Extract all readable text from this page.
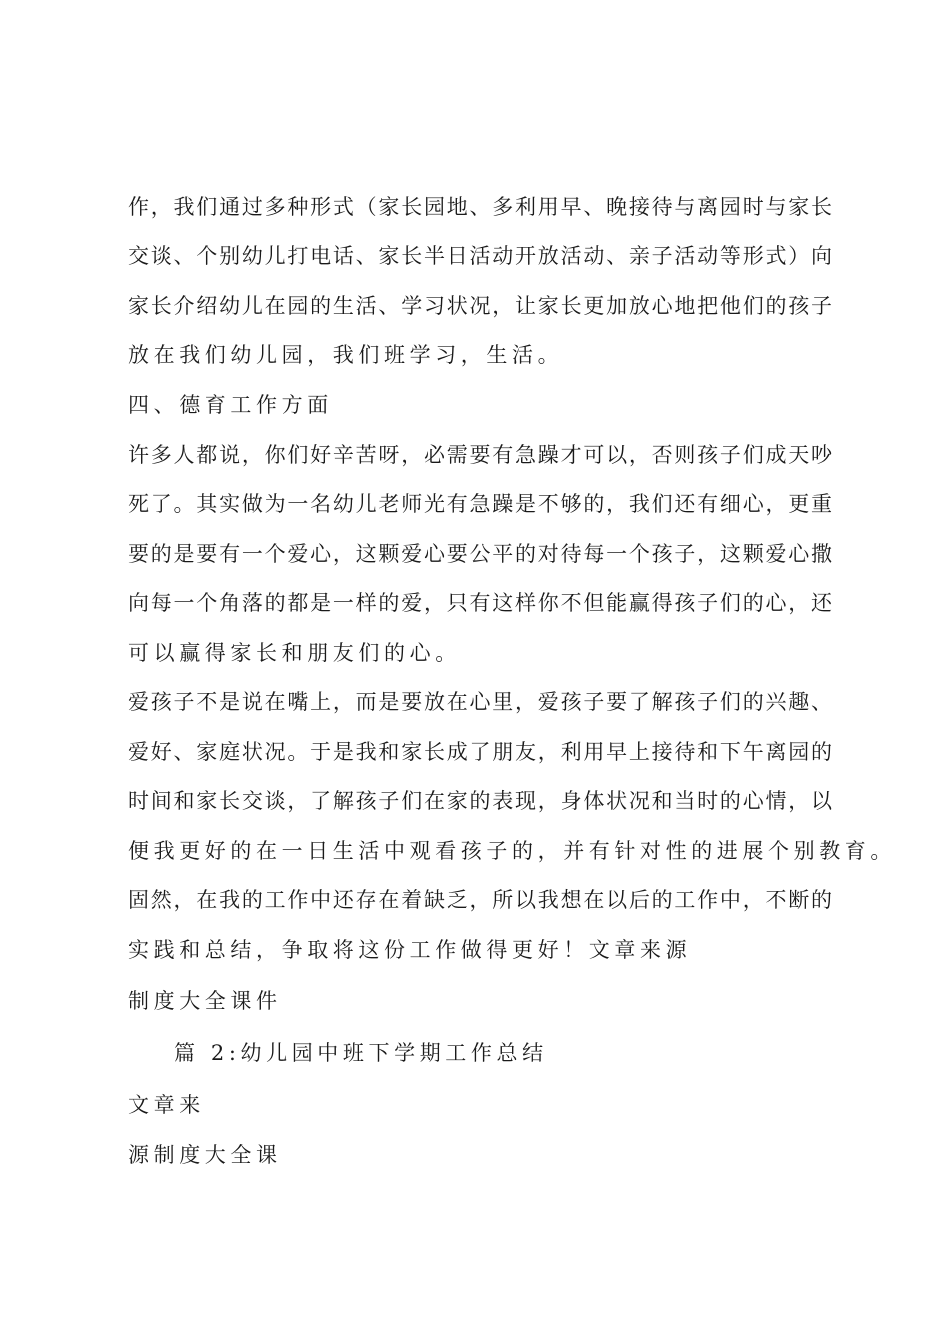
作，我们通过多种形式（家长园地、多利用早、晚接待与离园时与家长
交谈、个别幼儿打电话、家长半日活动开放活动、亲子活动等形式）向
家长介绍幼儿在园的生活、学习状况，让家长更加放心地把他们的孩子
放在我们幼儿园，我们班学习，生活。
四、德育工作方面
许多人都说，你们好辛苦呀，必需要有急躁才可以，否则孩子们成天吵
死了。其实做为一名幼儿老师光有急躁是不够的，我们还有细心，更重
要的是要有一个爱心，这颗爱心要公平的对待每一个孩子，这颗爱心撒
向每一个角落的都是一样的爱，只有这样你不但能赢得孩子们的心，还
可以赢得家长和朋友们的心。
爱孩子不是说在嘴上，而是要放在心里，爱孩子要了解孩子们的兴趣、
爱好、家庭状况。于是我和家长成了朋友，利用早上接待和下午离园的
时间和家长交谈，了解孩子们在家的表现，身体状况和当时的心情，以
便我更好的在一日生活中观看孩子的，并有针对性的进展个别教育。
固然，在我的工作中还存在着缺乏，所以我想在以后的工作中，不断的
实践和总结，争取将这份工作做得更好！文章来源
制度大全课件
篇 2:幼儿园中班下学期工作总结
文章来
源制度大全课
